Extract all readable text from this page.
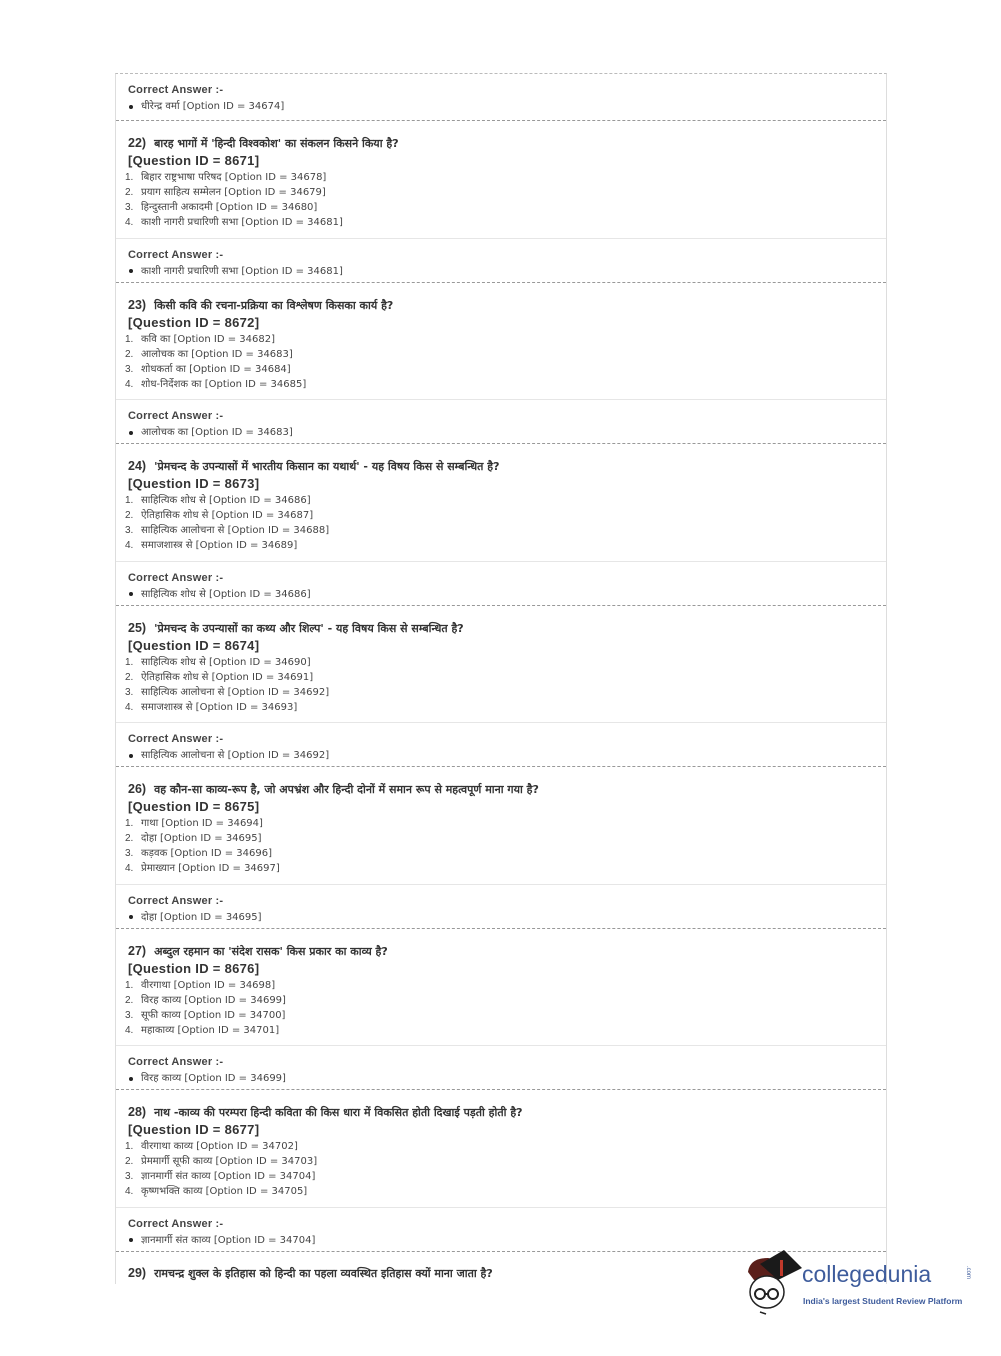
Correct Answer :-
धीरेन्द्र वर्मा [Option ID = 34674]
22) बारह भागों में 'हिन्दी विश्वकोश' का संकलन किसने किया है?
[Question ID = 8671]
1. बिहार राष्ट्रभाषा परिषद [Option ID = 34678]
2. प्रयाग साहित्य सम्मेलन [Option ID = 34679]
3. हिन्दुस्तानी अकादमी [Option ID = 34680]
4. काशी नागरी प्रचारिणी सभा [Option ID = 34681]
Correct Answer :-
काशी नागरी प्रचारिणी सभा [Option ID = 34681]
23) किसी कवि की रचना-प्रक्रिया का विश्लेषण किसका कार्य है?
[Question ID = 8672]
1. कवि का [Option ID = 34682]
2. आलोचक का [Option ID = 34683]
3. शोधकर्ता का [Option ID = 34684]
4. शोध-निर्देशक का [Option ID = 34685]
Correct Answer :-
आलोचक का [Option ID = 34683]
24) 'प्रेमचन्द के उपन्यासों में भारतीय किसान का यथार्थ' - यह विषय किस से सम्बन्धित है?
[Question ID = 8673]
1. साहित्यिक शोध से [Option ID = 34686]
2. ऐतिहासिक शोध से [Option ID = 34687]
3. साहित्यिक आलोचना से [Option ID = 34688]
4. समाजशास्त्र से [Option ID = 34689]
Correct Answer :-
साहित्यिक शोध से [Option ID = 34686]
25) 'प्रेमचन्द के उपन्यासों का कथ्य और शिल्प' - यह विषय किस से सम्बन्धित है?
[Question ID = 8674]
1. साहित्यिक शोध से [Option ID = 34690]
2. ऐतिहासिक शोध से [Option ID = 34691]
3. साहित्यिक आलोचना से [Option ID = 34692]
4. समाजशास्त्र से [Option ID = 34693]
Correct Answer :-
साहित्यिक आलोचना से [Option ID = 34692]
26) वह कौन-सा काव्य-रूप है, जो अपभ्रंश और हिन्दी दोनों में समान रूप से महत्वपूर्ण माना गया है?
[Question ID = 8675]
1. गाथा [Option ID = 34694]
2. दोहा [Option ID = 34695]
3. कड़वक [Option ID = 34696]
4. प्रेमाख्यान [Option ID = 34697]
Correct Answer :-
दोहा [Option ID = 34695]
27) अब्दुल रहमान का 'संदेश रासक' किस प्रकार का काव्य है?
[Question ID = 8676]
1. वीरगाथा [Option ID = 34698]
2. विरह काव्य [Option ID = 34699]
3. सूफी काव्य [Option ID = 34700]
4. महाकाव्य [Option ID = 34701]
Correct Answer :-
विरह काव्य [Option ID = 34699]
28) नाथ -काव्य की परम्परा हिन्दी कविता की किस धारा में विकसित होती दिखाई पड़ती होती है?
[Question ID = 8677]
1. वीरगाथा काव्य [Option ID = 34702]
2. प्रेममार्गी सूफी काव्य [Option ID = 34703]
3. ज्ञानमार्गी संत काव्य [Option ID = 34704]
4. कृष्णभक्ति काव्य [Option ID = 34705]
Correct Answer :-
ज्ञानमार्गी संत काव्य [Option ID = 34704]
29) रामचन्द्र शुक्ल के इतिहास को हिन्दी का पहला व्यवस्थित इतिहास क्यों माना जाता है?	collegedunia	.com
India's largest Student Review Platform
